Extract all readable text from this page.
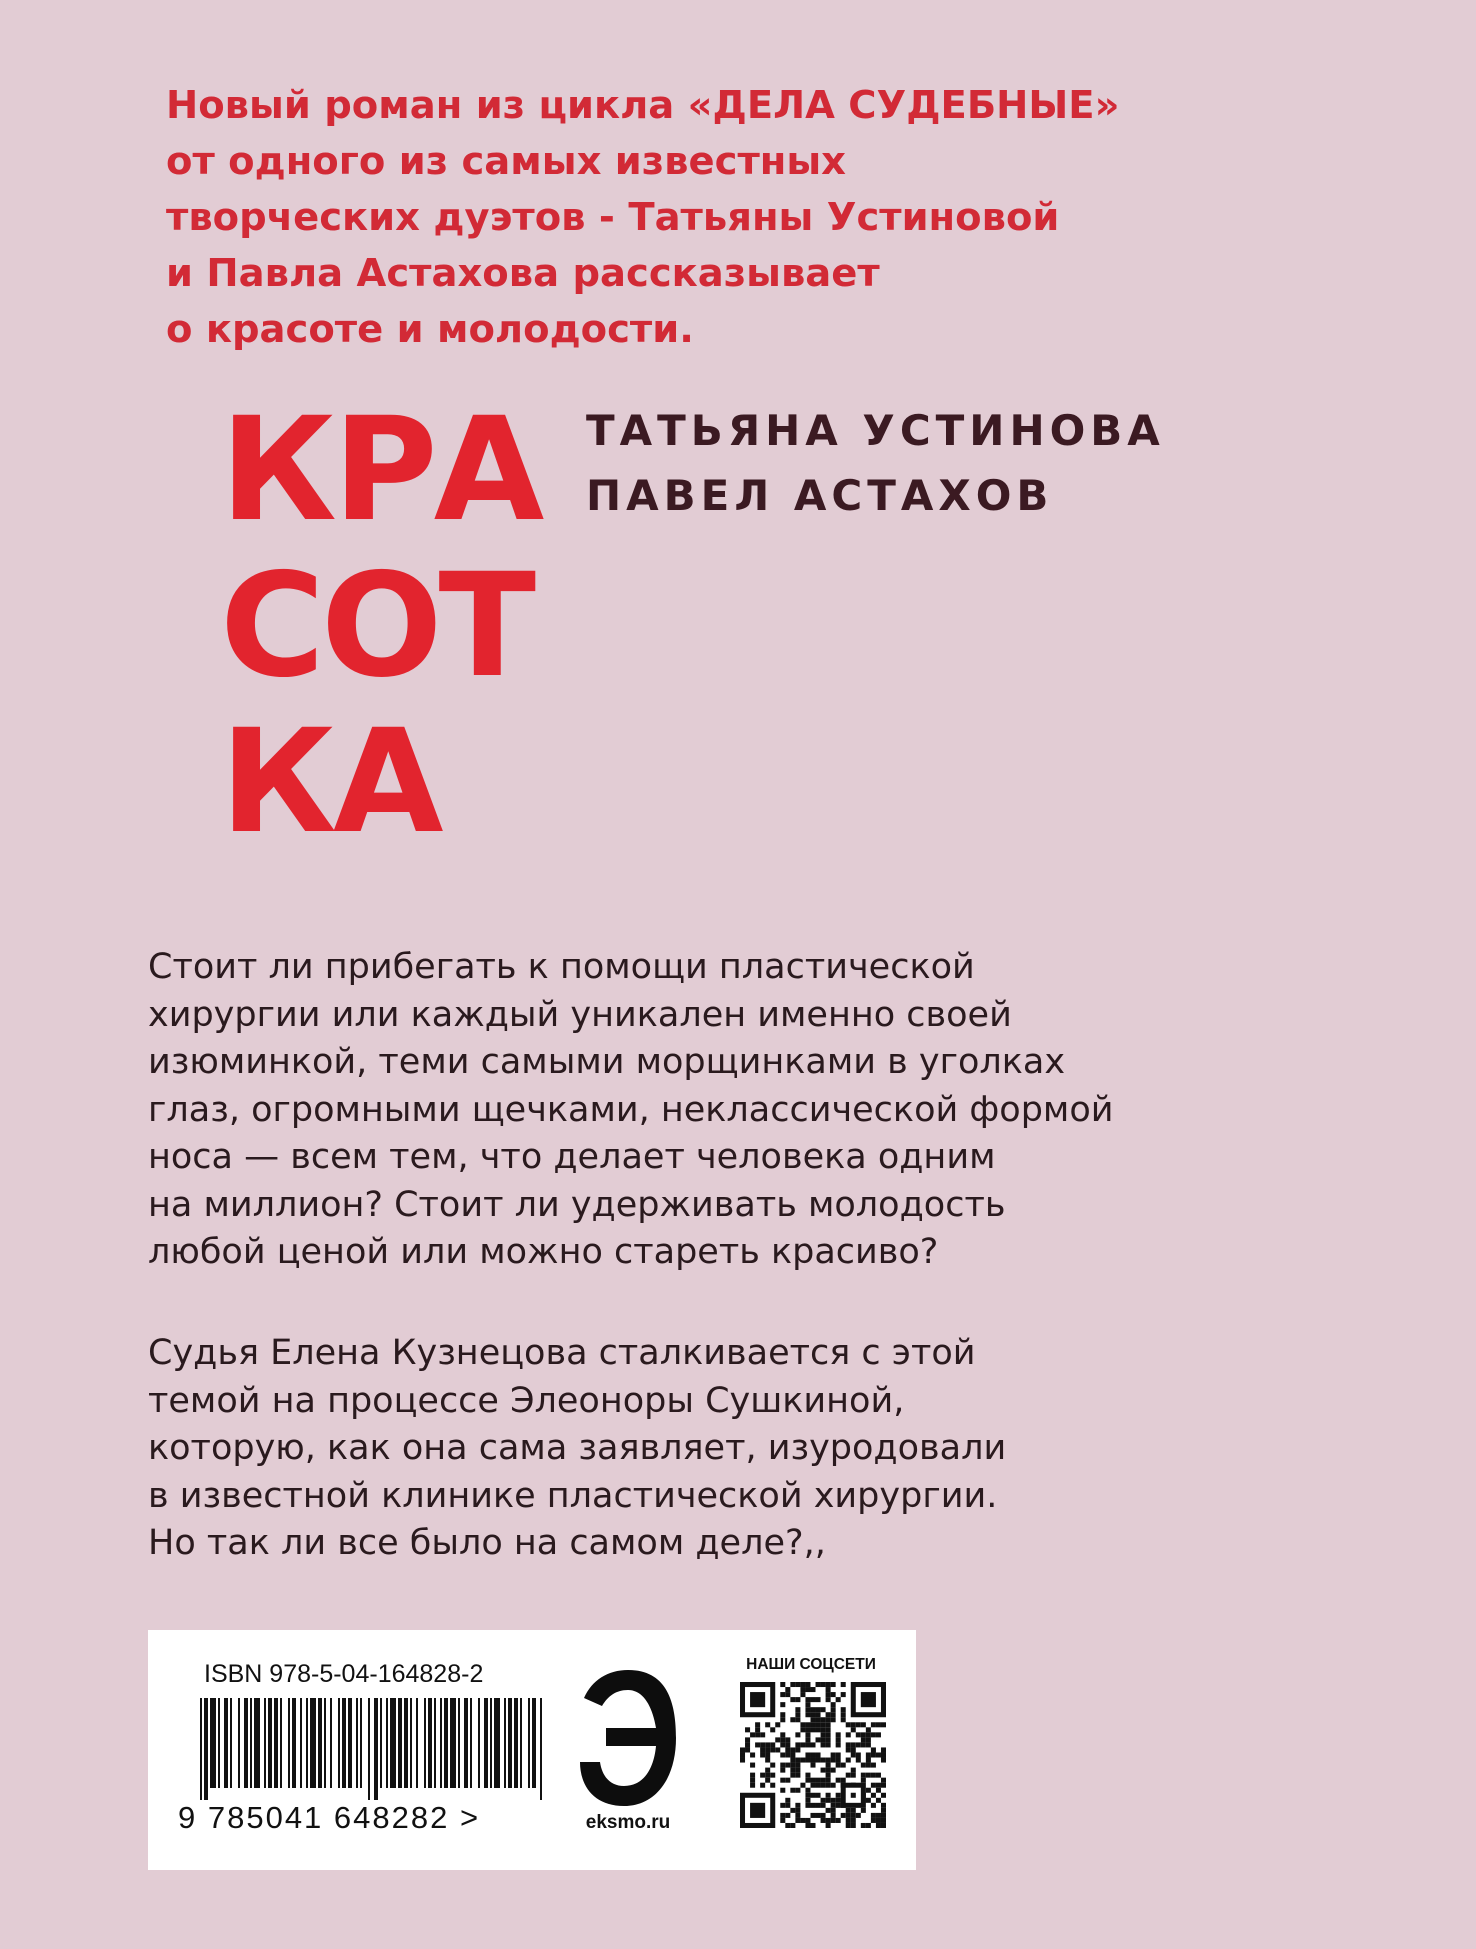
Новый роман из цикла «ДЕЛА СУДЕБНЫЕ»
от одного из самых известных
творческих дуэтов - Татьяны Устиновой
и Павла Астахова рассказывает
о красоте и молодости.

КРА
СОТ
КА

ТАТЬЯНА УСТИНОВА
ПАВЕЛ АСТАХОВ

Стоит ли прибегать к помощи пластической
хирургии или каждый уникален именно своей
изюминкой, теми самыми морщинками в уголках
глаз, огромными щечками, неклассической формой
носа — всем тем, что делает человека одним
на миллион? Стоит ли удерживать молодость
любой ценой или можно стареть красиво?

Судья Елена Кузнецова сталкивается с этой
темой на процессе Элеоноры Сушкиной,
которую, как она сама заявляет, изуродовали
в известной клинике пластической хирургии.
Но так ли все было на самом деле?,,

ISBN 978-5-04-164828-2
9 785041 648282 >	eksmo.ru
НАШИ СОЦСЕТИ
